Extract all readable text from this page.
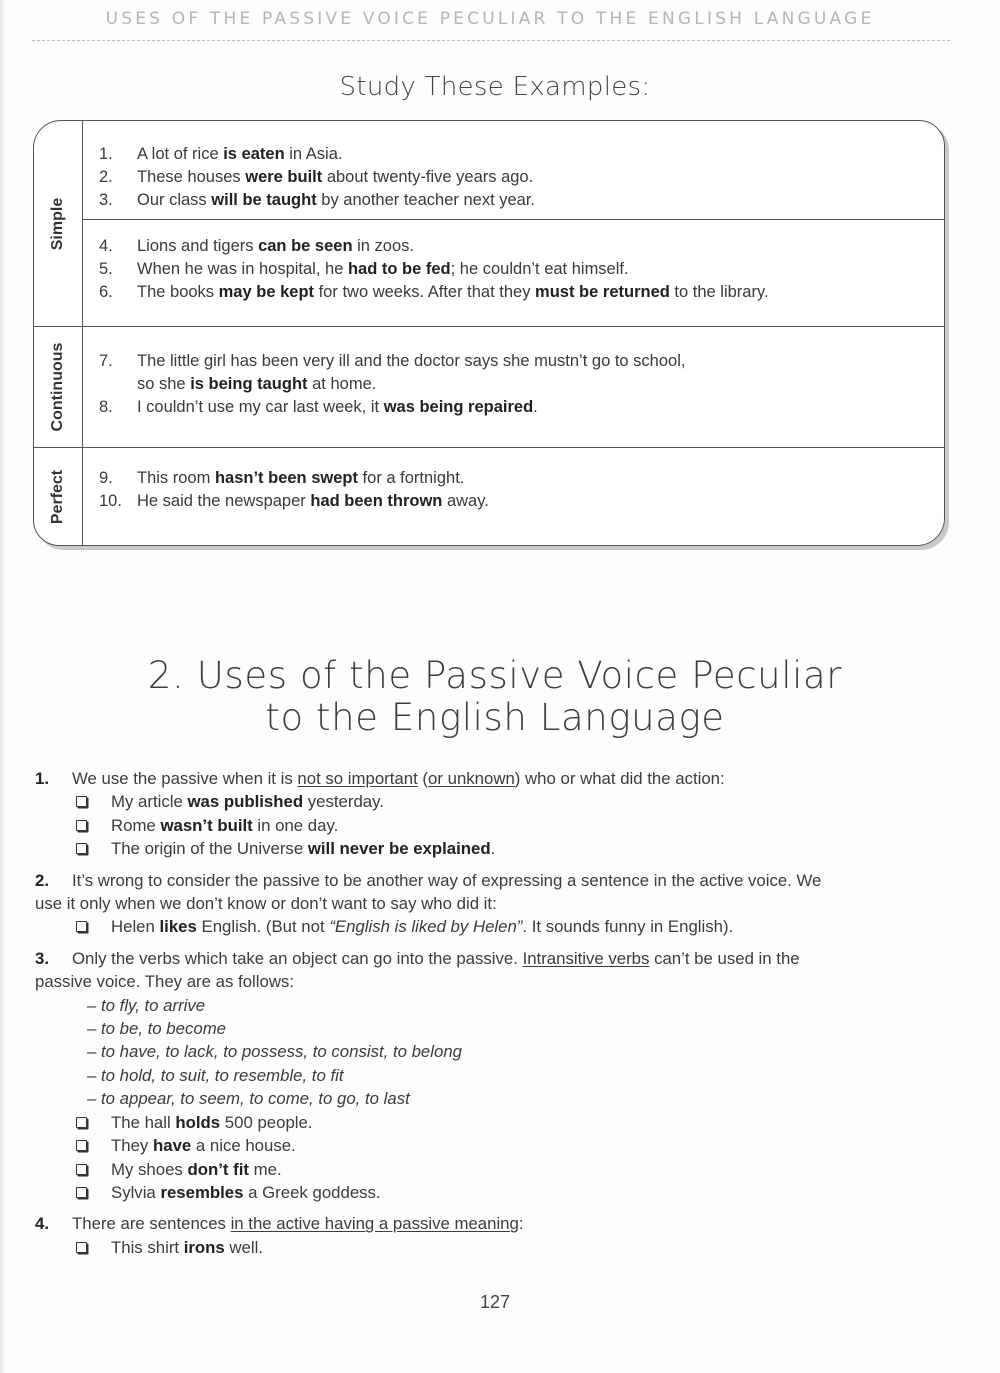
USES OF THE PASSIVE VOICE PECULIAR TO THE ENGLISH LANGUAGE
Study These Examples:
Simple
1. A lot of rice is eaten in Asia.
2. These houses were built about twenty-five years ago.
3. Our class will be taught by another teacher next year.
4. Lions and tigers can be seen in zoos.
5. When he was in hospital, he had to be fed; he couldn’t eat himself.
6. The books may be kept for two weeks. After that they must be returned to the library.
Continuous 7. The little girl has been very ill and the doctor says she mustn’t go to school,
so she is being taught at home.
8. I couldn’t use my car last week, it was being repaired.
Perfect 9. This room hasn’t been swept for a fortnight.
10. He said the newspaper had been thrown away.
2. Uses of the Passive Voice Peculiar
to the English Language
1. We use the passive when it is not so important (or unknown) who or what did the action:
My article was published yesterday.
Rome wasn’t built in one day.
The origin of the Universe will never be explained.
2. It’s wrong to consider the passive to be another way of expressing a sentence in the active voice. We
use it only when we don’t know or don’t want to say who did it:
Helen likes English. (But not “English is liked by Helen”. It sounds funny in English).
3. Only the verbs which take an object can go into the passive. Intransitive verbs can’t be used in the
passive voice. They are as follows:
– to fly, to arrive
– to be, to become
– to have, to lack, to possess, to consist, to belong
– to hold, to suit, to resemble, to fit
– to appear, to seem, to come, to go, to last
The hall holds 500 people.
They have a nice house.
My shoes don’t fit me.
Sylvia resembles a Greek goddess.
4. There are sentences in the active having a passive meaning:
This shirt irons well.
127
